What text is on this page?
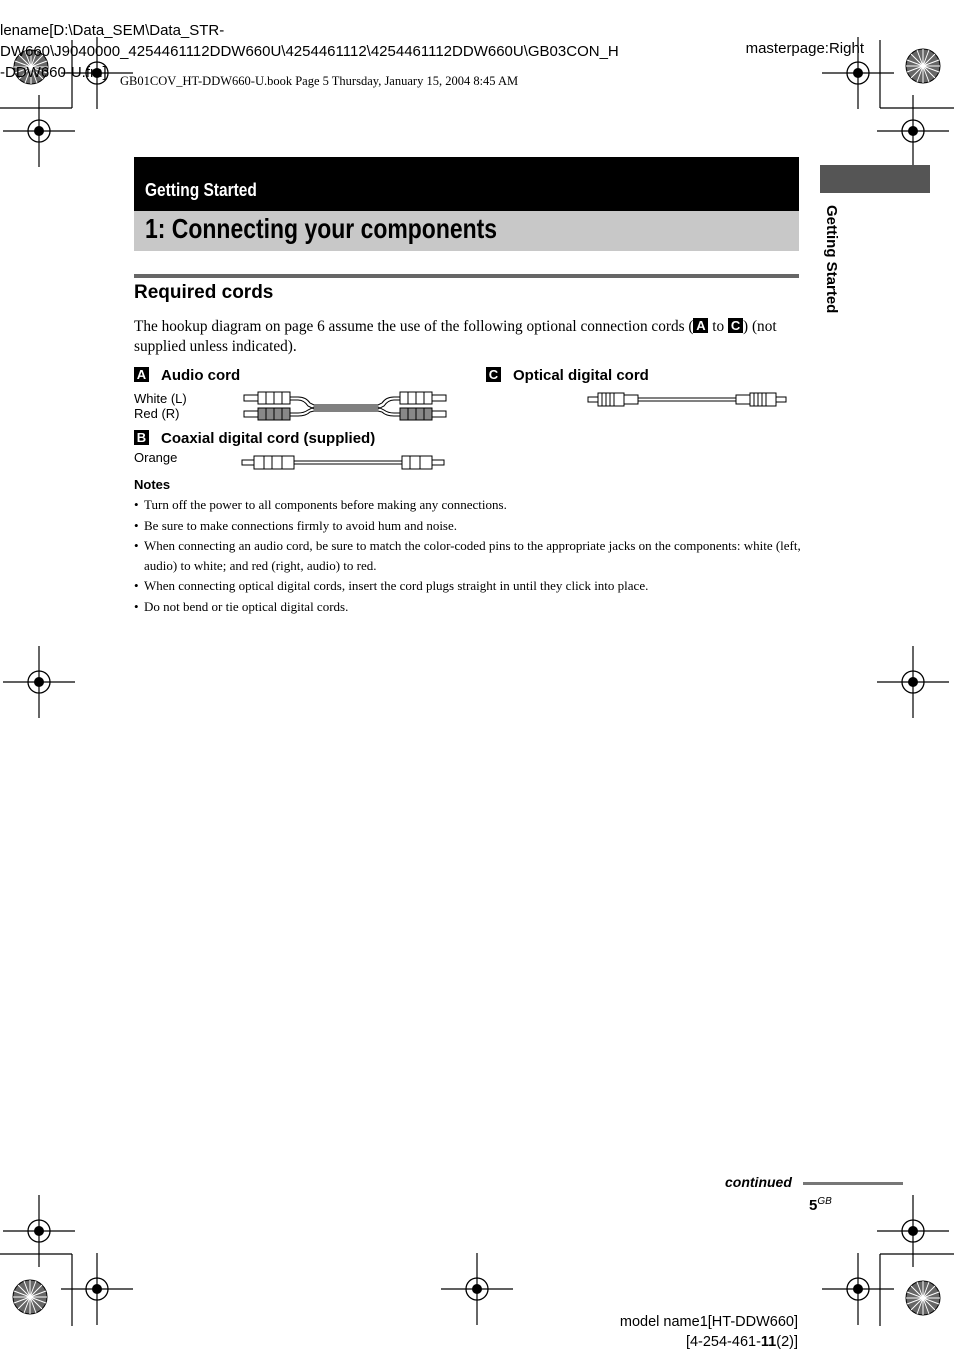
lename[D:\Data_SEM\Data_STR-
DW660\J9040000_4254461112DDW660U\4254461112\4254461112DDW660U\GB03CON_H
-DDW660-U.fm]
masterpage:Right
GB01COV_HT-DDW660-U.book Page 5 Thursday, January 15, 2004 8:45 AM
Getting Started
1: Connecting your components	Getting Started
Required cords
The hookup diagram on page 6 assume the use of the following optional connection cords ( A to C ) (not supplied unless indicated).
A Audio cord
White (L)
Red (R)
B Coaxial digital cord (supplied)
Orange
C Optical digital cord
Notes
• Turn off the power to all components before making any connections.
• Be sure to make connections firmly to avoid hum and noise.
• When connecting an audio cord, be sure to match the color-coded pins to the appropriate jacks on the components: white (left, audio) to white; and red (right, audio) to red.
• When connecting optical digital cords, insert the cord plugs straight in until they click into place.
• Do not bend or tie optical digital cords.
continued
$5^{GB}$
model name1[HT-DDW660]
[4-254-461-11(2)]
